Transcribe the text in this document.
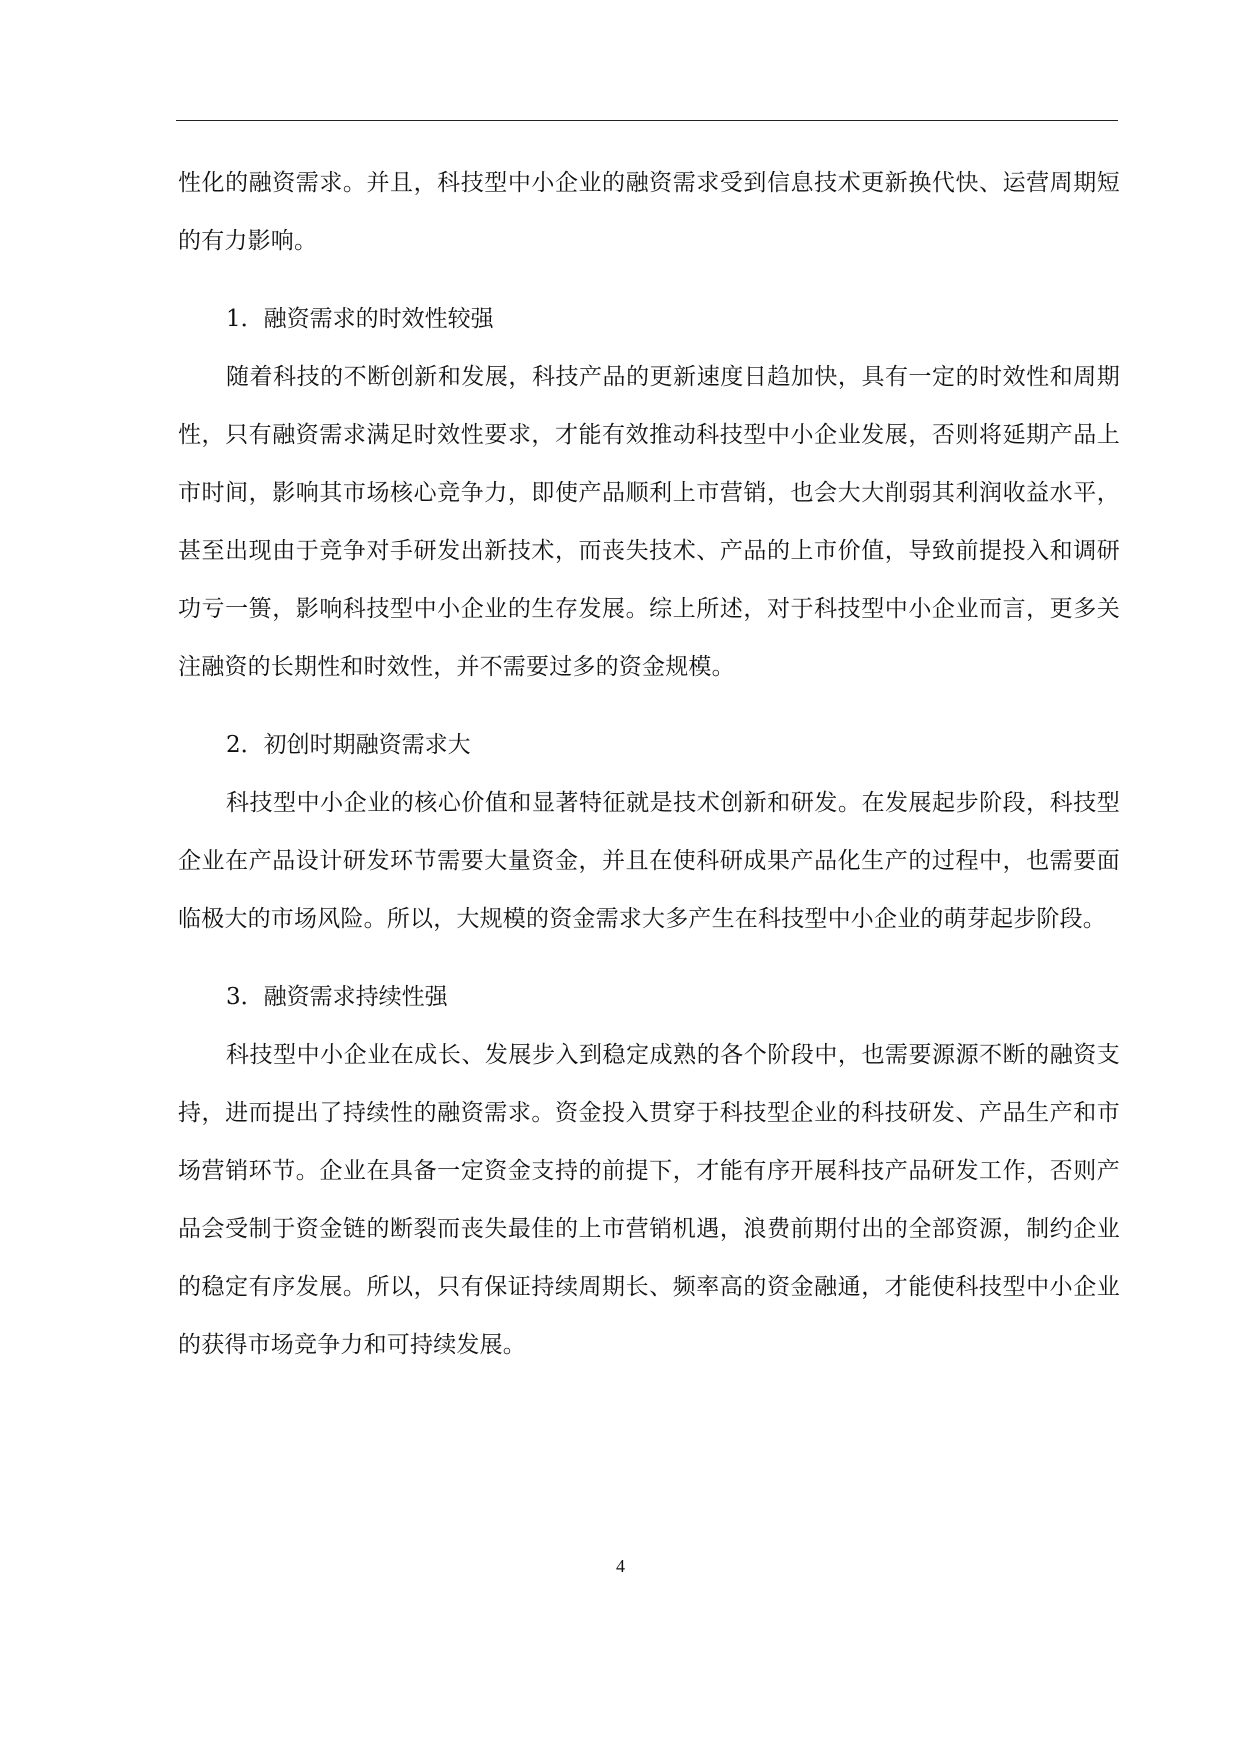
性化的融资需求。并且，科技型中小企业的融资需求受到信息技术更新换代快、运营周期短的有力影响。

1．融资需求的时效性较强

随着科技的不断创新和发展，科技产品的更新速度日趋加快，具有一定的时效性和周期性，只有融资需求满足时效性要求，才能有效推动科技型中小企业发展，否则将延期产品上市时间，影响其市场核心竞争力，即使产品顺利上市营销，也会大大削弱其利润收益水平，甚至出现由于竞争对手研发出新技术，而丧失技术、产品的上市价值，导致前提投入和调研功亏一篑，影响科技型中小企业的生存发展。综上所述，对于科技型中小企业而言，更多关注融资的长期性和时效性，并不需要过多的资金规模。

2．初创时期融资需求大

科技型中小企业的核心价值和显著特征就是技术创新和研发。在发展起步阶段，科技型企业在产品设计研发环节需要大量资金，并且在使科研成果产品化生产的过程中，也需要面临极大的市场风险。所以，大规模的资金需求大多产生在科技型中小企业的萌芽起步阶段。

3．融资需求持续性强

科技型中小企业在成长、发展步入到稳定成熟的各个阶段中，也需要源源不断的融资支持，进而提出了持续性的融资需求。资金投入贯穿于科技型企业的科技研发、产品生产和市场营销环节。企业在具备一定资金支持的前提下，才能有序开展科技产品研发工作，否则产品会受制于资金链的断裂而丧失最佳的上市营销机遇，浪费前期付出的全部资源，制约企业的稳定有序发展。所以，只有保证持续周期长、频率高的资金融通，才能使科技型中小企业的获得市场竞争力和可持续发展。

4
